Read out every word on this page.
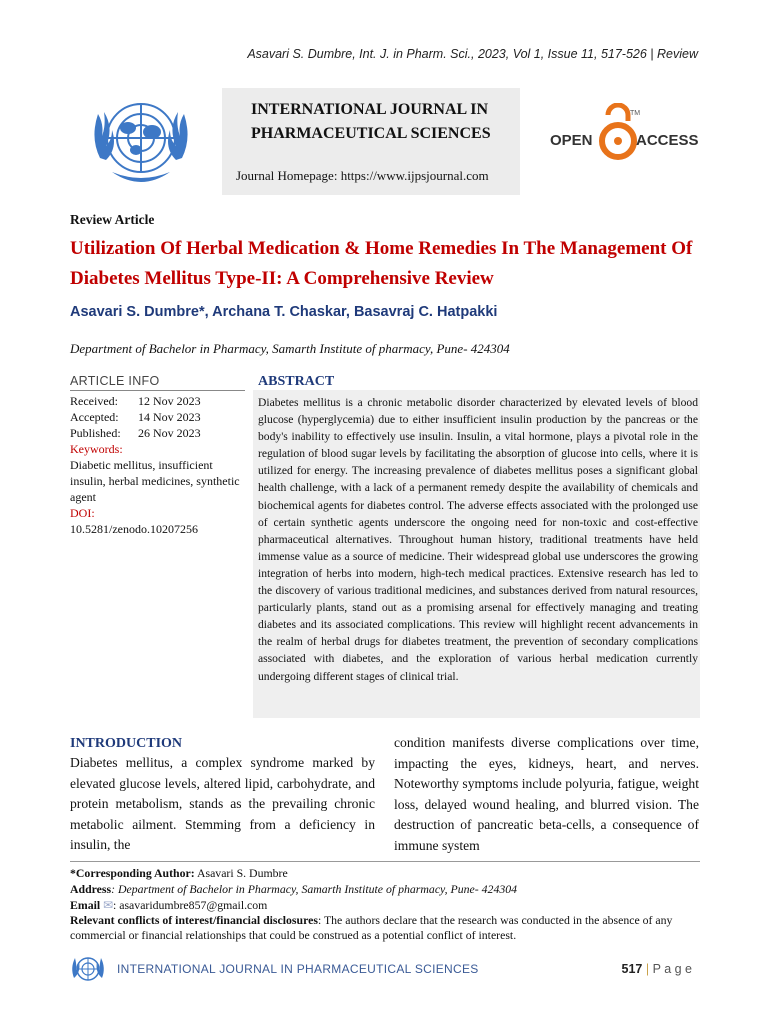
Asavari S. Dumbre, Int. J. in Pharm. Sci., 2023, Vol 1, Issue 11, 517-526 | Review
INTERNATIONAL JOURNAL IN PHARMACEUTICAL SCIENCES
Journal Homepage: https://www.ijpsjournal.com
OPEN
TM
ACCESS
Review Article
Utilization Of Herbal Medication & Home Remedies In The Management Of Diabetes Mellitus Type-II: A Comprehensive Review
Asavari S. Dumbre*, Archana T. Chaskar, Basavraj C. Hatpakki
Department of Bachelor in Pharmacy, Samarth Institute of pharmacy, Pune- 424304
ARTICLE INFO
Received: 12 Nov 2023
Accepted: 14 Nov 2023
Published: 26 Nov 2023
Keywords:
Diabetic mellitus, insufficient insulin, herbal medicines, synthetic agent
DOI:
10.5281/zenodo.10207256
ABSTRACT
Diabetes mellitus is a chronic metabolic disorder characterized by elevated levels of blood glucose (hyperglycemia) due to either insufficient insulin production by the pancreas or the body's inability to effectively use insulin. Insulin, a vital hormone, plays a pivotal role in the regulation of blood sugar levels by facilitating the absorption of glucose into cells, where it is utilized for energy. The increasing prevalence of diabetes mellitus poses a significant global health challenge, with a lack of a permanent remedy despite the availability of chemicals and biochemical agents for diabetes control. The adverse effects associated with the prolonged use of certain synthetic agents underscore the ongoing need for non-toxic and cost-effective pharmaceutical alternatives. Throughout human history, traditional treatments have held immense value as a source of medicine. Their widespread global use underscores the growing integration of herbs into modern, high-tech medical practices. Extensive research has led to the discovery of various traditional medicines, and substances derived from natural resources, particularly plants, stand out as a promising arsenal for effectively managing and treating diabetes and its associated complications. This review will highlight recent advancements in the realm of herbal drugs for diabetes treatment, the prevention of secondary complications associated with diabetes, and the exploration of various herbal medication currently undergoing different stages of clinical trial.
INTRODUCTION
Diabetes mellitus, a complex syndrome marked by elevated glucose levels, altered lipid, carbohydrate, and protein metabolism, stands as the prevailing chronic metabolic ailment. Stemming from a deficiency in insulin, the
condition manifests diverse complications over time, impacting the eyes, kidneys, heart, and nerves. Noteworthy symptoms include polyuria, fatigue, weight loss, delayed wound healing, and blurred vision. The destruction of pancreatic beta-cells, a consequence of immune system
*Corresponding Author: Asavari S. Dumbre
Address: Department of Bachelor in Pharmacy, Samarth Institute of pharmacy, Pune- 424304
Email ✉: asavaridumbre857@gmail.com
Relevant conflicts of interest/financial disclosures: The authors declare that the research was conducted in the absence of any commercial or financial relationships that could be construed as a potential conflict of interest.
INTERNATIONAL JOURNAL IN PHARMACEUTICAL SCIENCES	517 | P a g e
